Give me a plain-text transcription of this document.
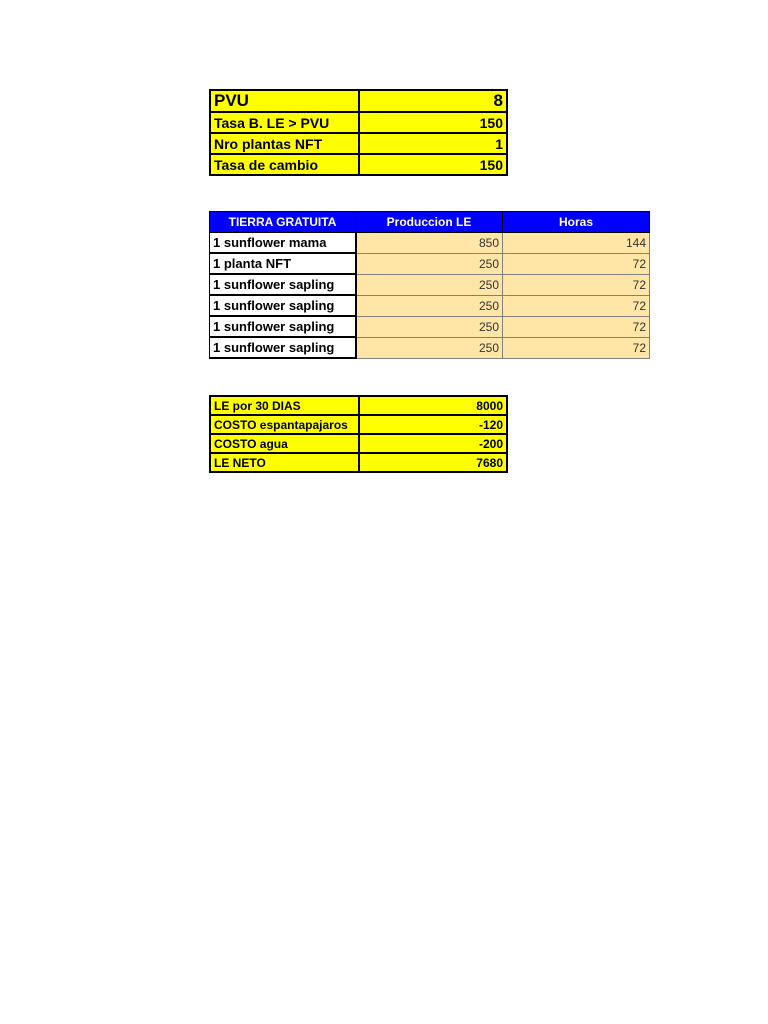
PVU	8
Tasa B. LE > PVU	150
Nro plantas NFT	1
Tasa de cambio	150
TIERRA GRATUITA	Produccion LE	Horas
1 sunflower mama	850	144
1 planta NFT	250	72
1 sunflower sapling	250	72
1 sunflower sapling	250	72
1 sunflower sapling	250	72
1 sunflower sapling	250	72
LE por 30 DIAS	8000
COSTO espantapajaros	-120
COSTO agua	-200
LE NETO	7680
